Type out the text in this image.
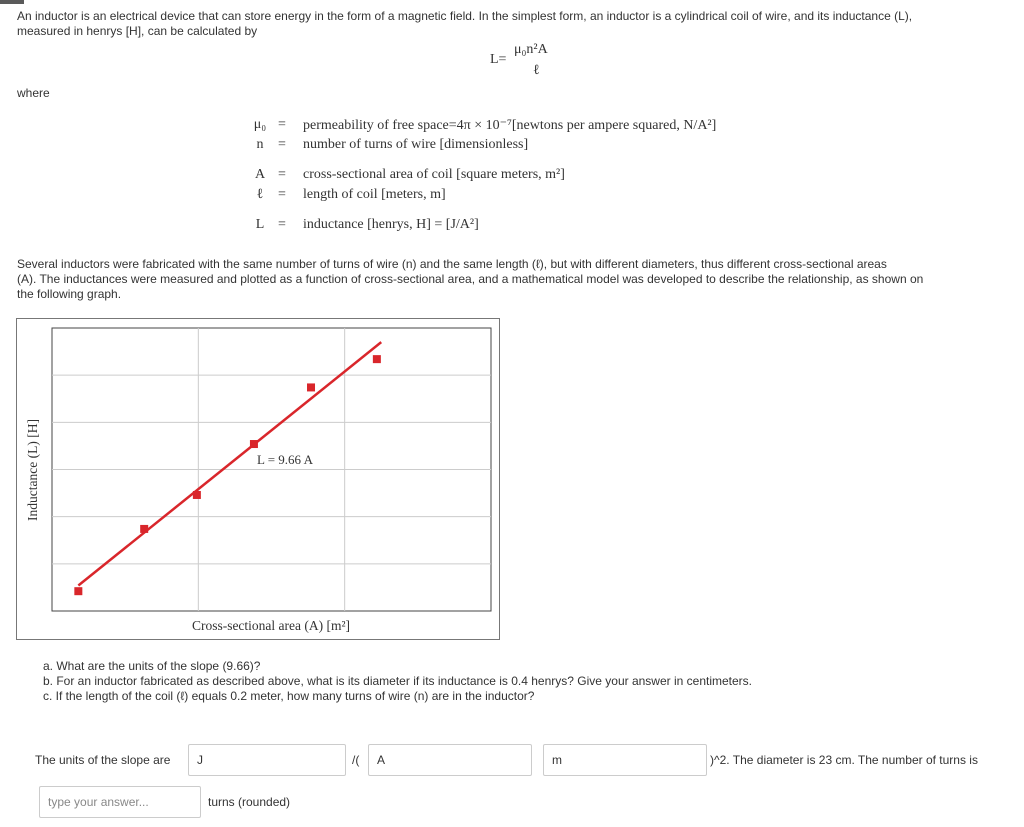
An inductor is an electrical device that can store energy in the form of a magnetic field. In the simplest form, an inductor is a cylindrical coil of wire, and its inductance (L),
measured in henrys [H], can be calculated by
L=
μ₀n²A
ℓ
where
μ₀ = permeability of free space=4π × 10⁻⁷[newtons per ampere squared, N/A²]
n	= number of turns of wire [dimensionless]
A = cross-sectional area of coil [square meters, m²]
ℓ	= length of coil [meters, m]
L = inductance [henrys, H] = [J/A²]
Several inductors were fabricated with the same number of turns of wire (n) and the same length (ℓ), but with different diameters, thus different cross-sectional areas
(A). The inductances were measured and plotted as a function of cross-sectional area, and a mathematical model was developed to describe the relationship, as shown on
the following graph.
L = 9.66 A
Cross-sectional area (A) [m²]
Inductance (L) [H]
a. What are the units of the slope (9.66)?
b. For an inductor fabricated as described above, what is its diameter if its inductance is 0.4 henrys? Give your answer in centimeters.
c. If the length of the coil (ℓ) equals 0.2 meter, how many turns of wire (n) are in the inductor?
The units of the slope are	J	/(	A	m	)^2. The diameter is 23 cm. The number of turns is
type your answer...	turns (rounded)
